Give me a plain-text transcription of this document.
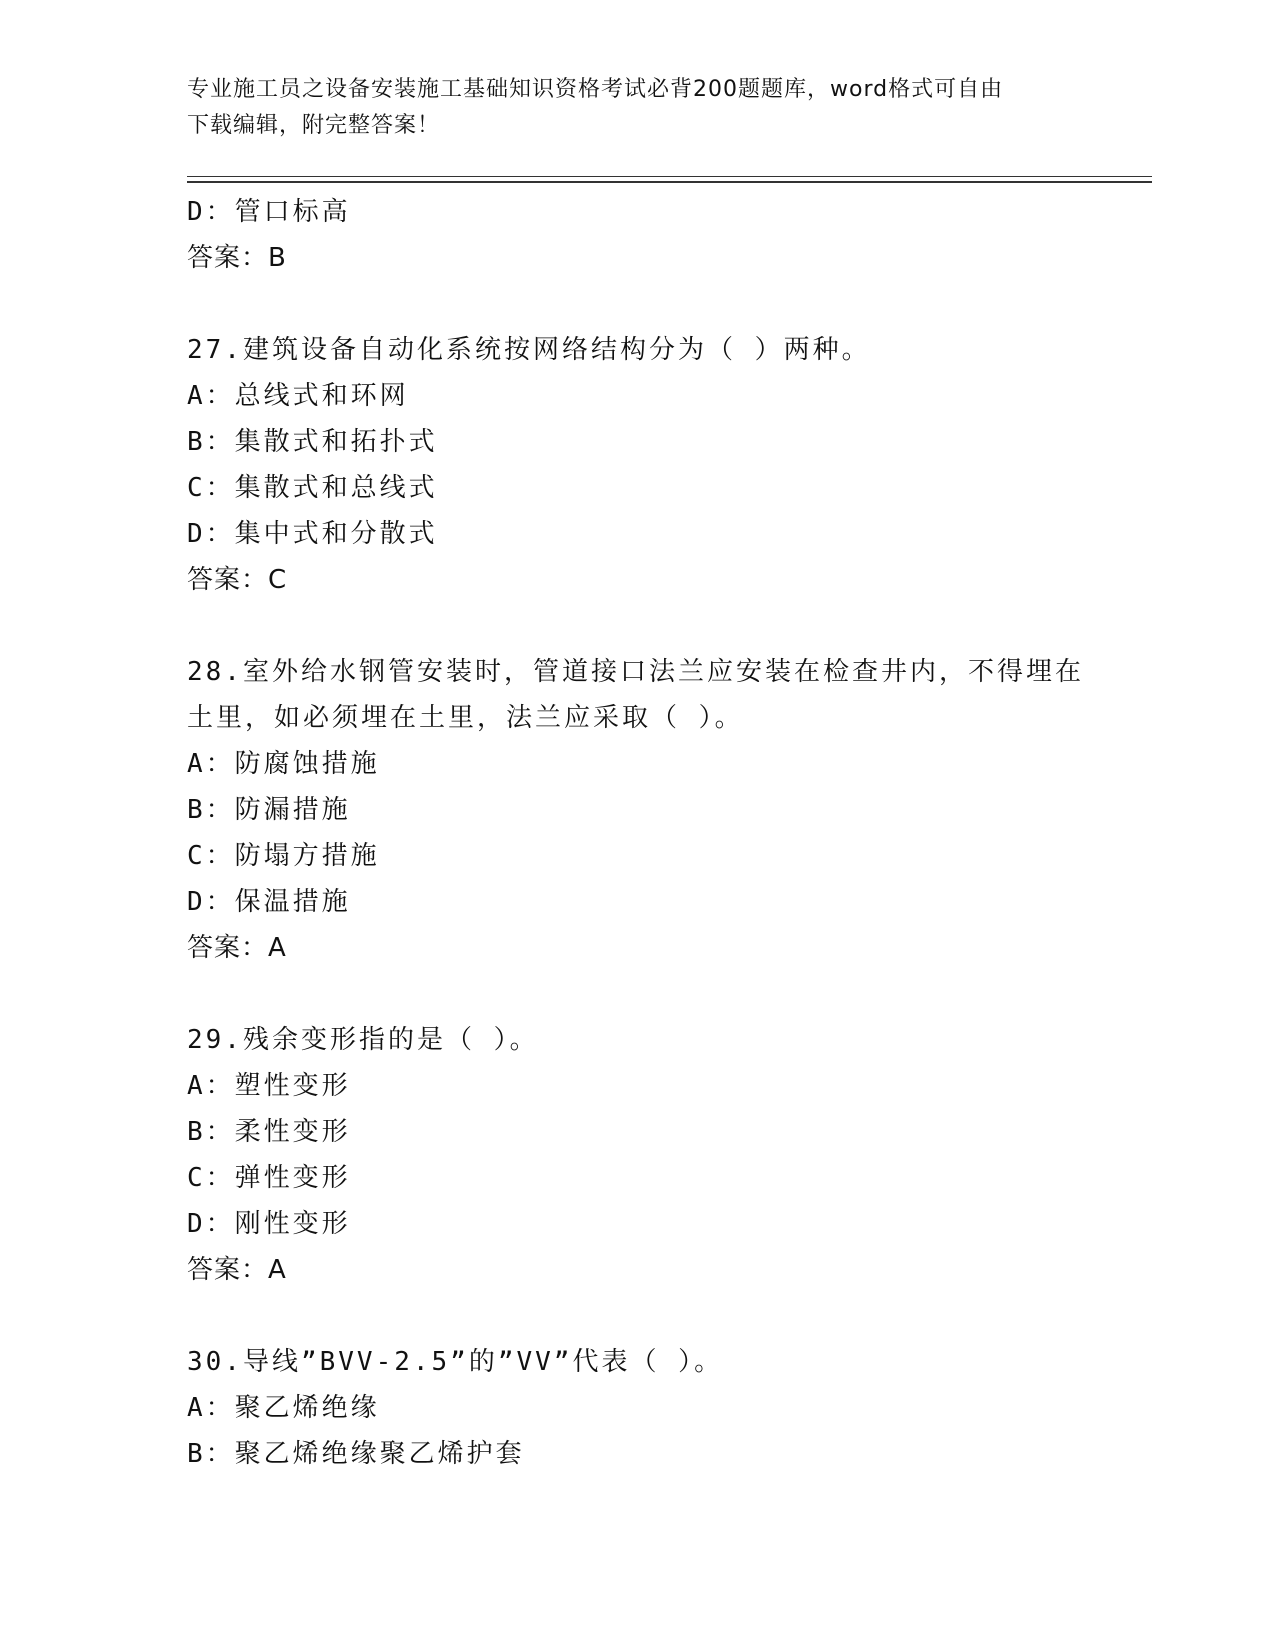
专业施工员之设备安装施工基础知识资格考试必背200题题库，word格式可自由
下载编辑，附完整答案！
D：管口标高
答案：B
27.建筑设备自动化系统按网络结构分为（ ）两种。
A：总线式和环网
B：集散式和拓扑式
C：集散式和总线式
D：集中式和分散式
答案：C
28.室外给水钢管安装时，管道接口法兰应安装在检查井内，不得埋在
土里，如必须埋在土里，法兰应采取（ ）。
A：防腐蚀措施
B：防漏措施
C：防塌方措施
D：保温措施
答案：A
29.残余变形指的是（ ）。
A：塑性变形
B：柔性变形
C：弹性变形
D：刚性变形
答案：A
30.导线”BVV-2.5”的”VV”代表（ ）。
A：聚乙烯绝缘
B：聚乙烯绝缘聚乙烯护套
